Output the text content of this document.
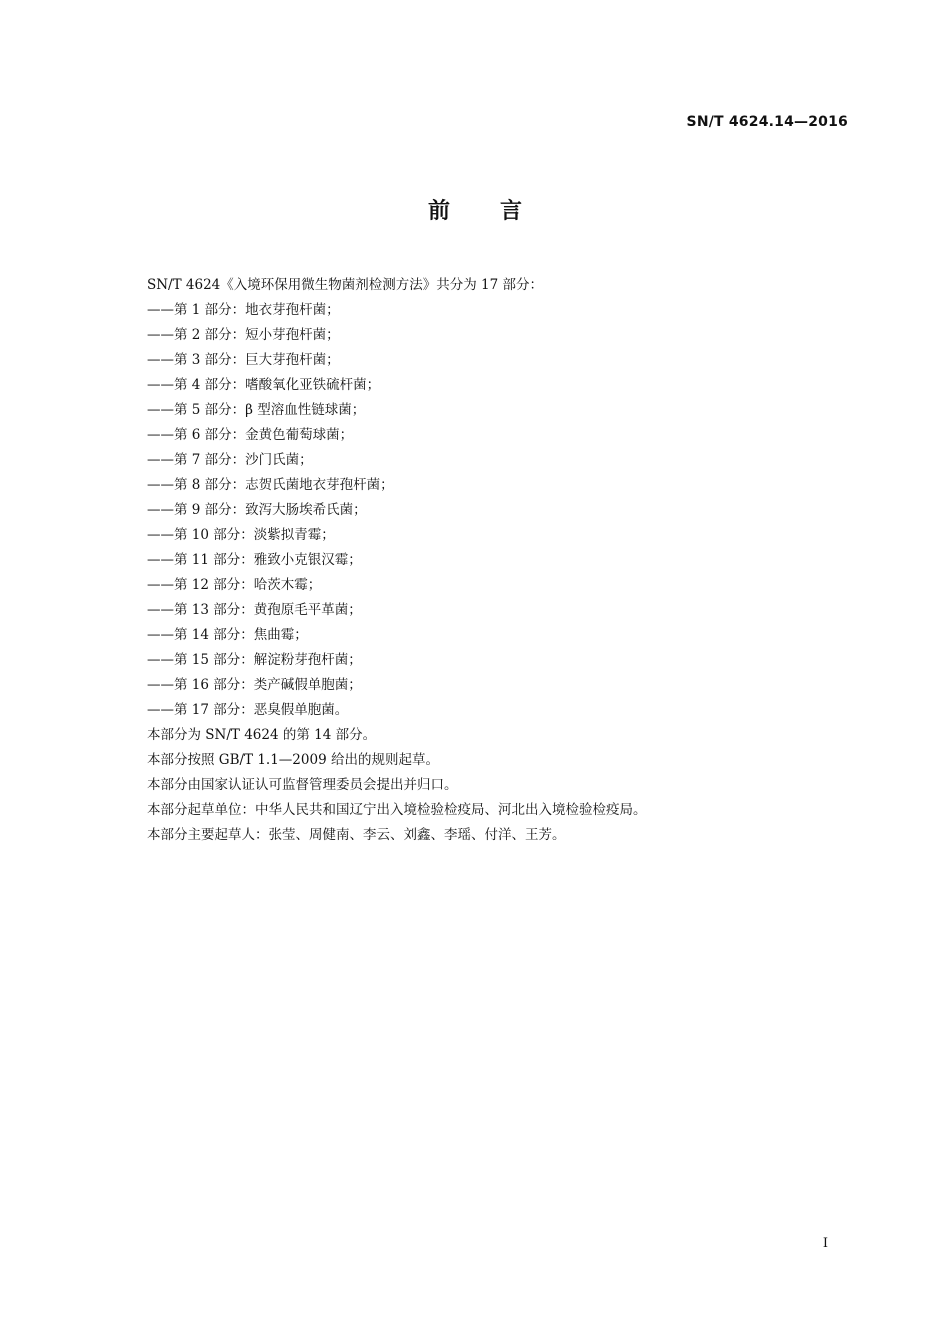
SN/T 4624.14—2016
前言
SN/T 4624《入境环保用微生物菌剂检测方法》共分为 17 部分：
——第 1 部分：地衣芽孢杆菌；
——第 2 部分：短小芽孢杆菌；
——第 3 部分：巨大芽孢杆菌；
——第 4 部分：嗜酸氧化亚铁硫杆菌；
——第 5 部分：β 型溶血性链球菌；
——第 6 部分：金黄色葡萄球菌；
——第 7 部分：沙门氏菌；
——第 8 部分：志贺氏菌地衣芽孢杆菌；
——第 9 部分：致泻大肠埃希氏菌；
——第 10 部分：淡紫拟青霉；
——第 11 部分：雅致小克银汉霉；
——第 12 部分：哈茨木霉；
——第 13 部分：黄孢原毛平革菌；
——第 14 部分：焦曲霉；
——第 15 部分：解淀粉芽孢杆菌；
——第 16 部分：类产碱假单胞菌；
——第 17 部分：恶臭假单胞菌。
本部分为 SN/T 4624 的第 14 部分。
本部分按照 GB/T 1.1—2009 给出的规则起草。
本部分由国家认证认可监督管理委员会提出并归口。
本部分起草单位：中华人民共和国辽宁出入境检验检疫局、河北出入境检验检疫局。
本部分主要起草人：张莹、周健南、李云、刘鑫、李瑶、付洋、王芳。
I
